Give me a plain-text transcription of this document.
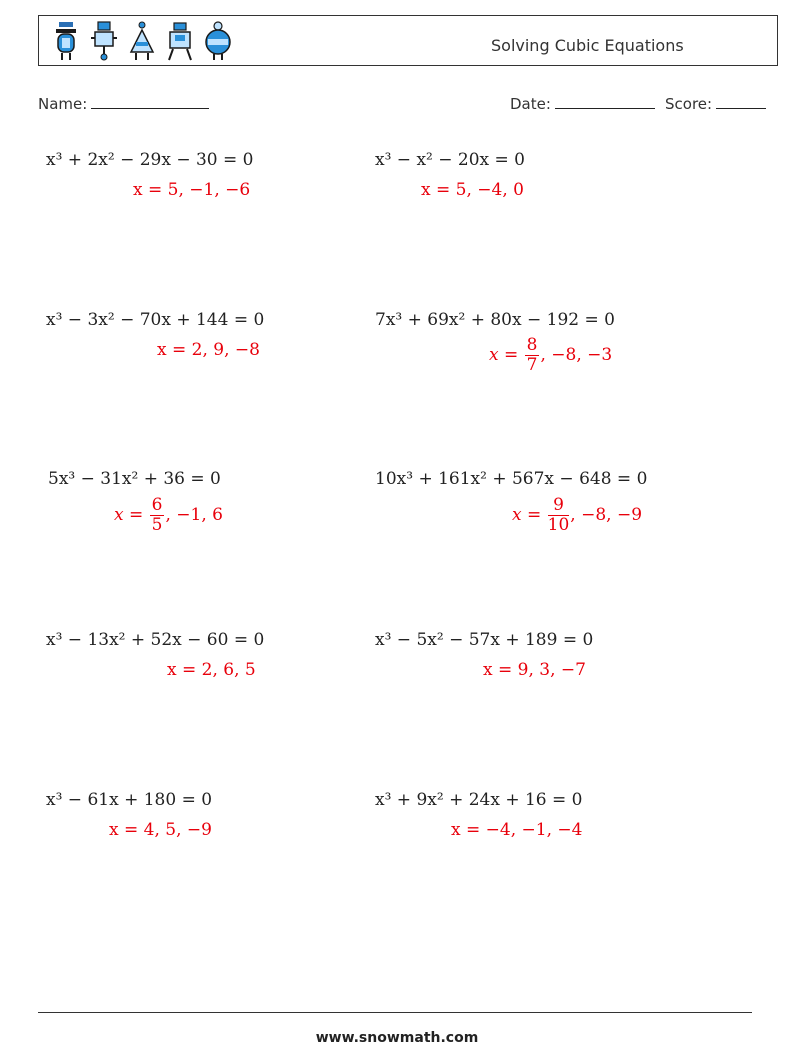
Solving Cubic Equations
Name:	Date:	Score:
x³ + 2x² − 29x − 30 = 0
x = 5, −1, −6
x³ − 3x² − 70x + 144 = 0
x = 2, 9, −8
5x³ − 31x² + 36 = 0
$x = \frac{6}{5}$ , −1, 6
x³ − 13x² + 52x − 60 = 0
x = 2, 6, 5
x³ − 61x + 180 = 0
x = 4, 5, −9
x³ − x² − 20x = 0
x = 5, −4, 0
7x³ + 69x² + 80x − 192 = 0
$x = \frac{8}{7}$ , −8, −3
10x³ + 161x² + 567x − 648 = 0
$x = \frac{9}{10}$ , −8, −9
x³ − 5x² − 57x + 189 = 0
x = 9, 3, −7
x³ + 9x² + 24x + 16 = 0
x = −4, −1, −4
www.snowmath.com
